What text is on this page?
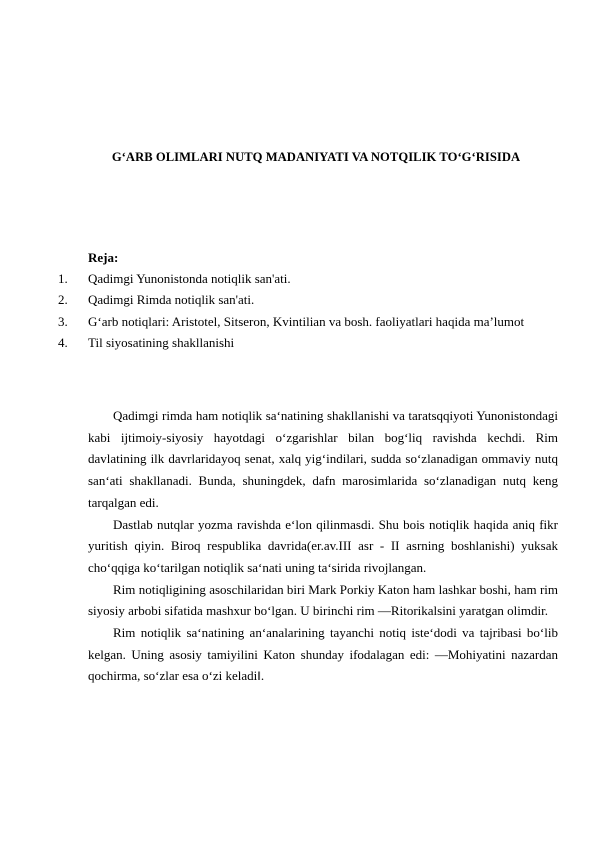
G‘ARB OLIMLARI NUTQ MADANIYATI VA NOTQILIK TO‘G‘RISIDA
Reja:
1. Qadimgi Yunonistonda notiqlik san'ati.
2. Qadimgi Rimda notiqlik san'ati.
3. G‘arb notiqlari: Aristotel, Sitseron, Kvintilian va bosh. faoliyatlari haqida ma’lumot
4. Til siyosatining shakllanishi

Qadimgi rimda ham notiqlik sa‘natining shakllanishi va taratsqqiyoti Yunonistondagi kabi ijtimoiy-siyosiy hayotdagi o‘zgarishlar bilan bog‘liq ravishda kechdi. Rim davlatining ilk davrlaridayoq senat, xalq yig‘indilari, sudda so‘zlanadigan ommaviy nutq san‘ati shakllanadi. Bunda, shuningdek, dafn marosimlarida so‘zlanadigan nutq keng tarqalgan edi.

Dastlab nutqlar yozma ravishda e‘lon qilinmasdi. Shu bois notiqlik haqida aniq fikr yuritish qiyin. Biroq respublika davrida(er.av.III asr - II asrning boshlanishi) yuksak cho‘qqiga ko‘tarilgan notiqlik sa‘nati uning ta‘sirida rivojlangan.

Rim notiqligining asoschilaridan biri Mark Porkiy Katon ham lashkar boshi, ham rim siyosiy arbobi sifatida mashxur bo‘lgan. U birinchi rim ―Ritorikalsini yaratgan olimdir.

Rim notiqlik sa‘natining an‘analarining tayanchi notiq iste‘dodi va tajribasi bo‘lib kelgan. Uning asosiy tamiyilini Katon shunday ifodalagan edi: ―Mohiyatini nazardan qochirma, so‘zlar esa o‘zi keladi‖.
